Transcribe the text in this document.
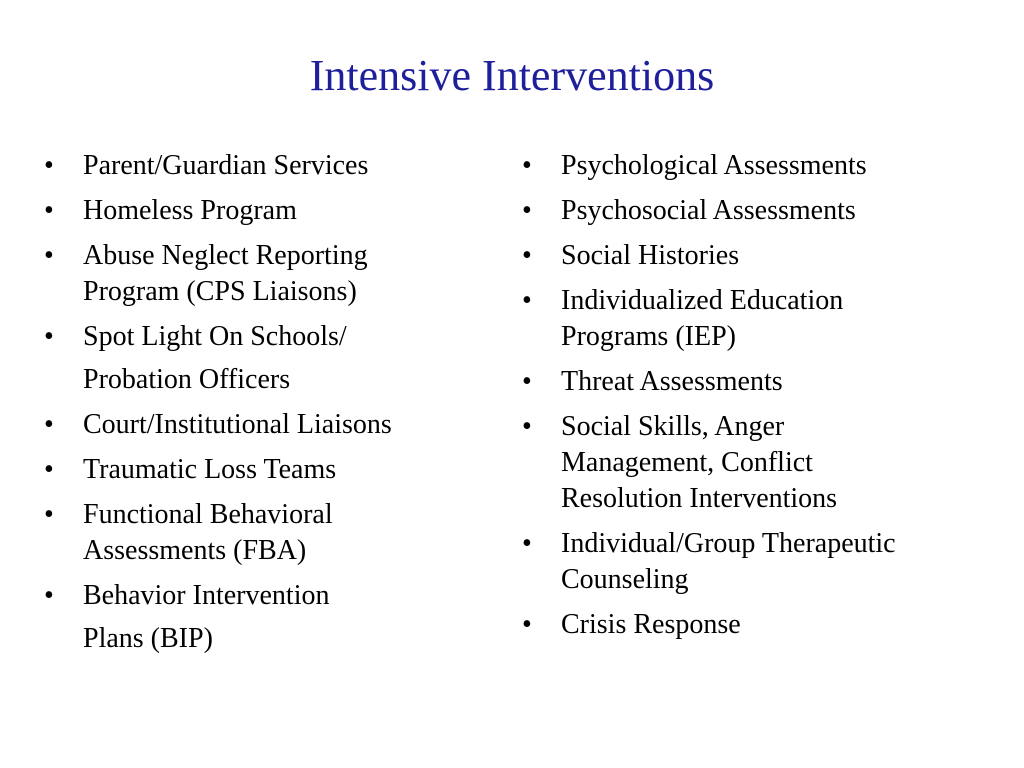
Intensive Interventions
• Parent/Guardian Services
• Homeless Program
• Abuse Neglect Reporting
Program (CPS Liaisons)
• Spot Light On Schools/
Probation Officers
• Court/Institutional Liaisons
• Traumatic Loss Teams
• Functional Behavioral
Assessments (FBA)
• Behavior Intervention
Plans (BIP)
• Psychological Assessments
• Psychosocial Assessments
• Social Histories
• Individualized Education
Programs (IEP)
• Threat Assessments
• Social Skills, Anger
Management, Conflict
Resolution Interventions
• Individual/Group Therapeutic
Counseling
• Crisis Response
